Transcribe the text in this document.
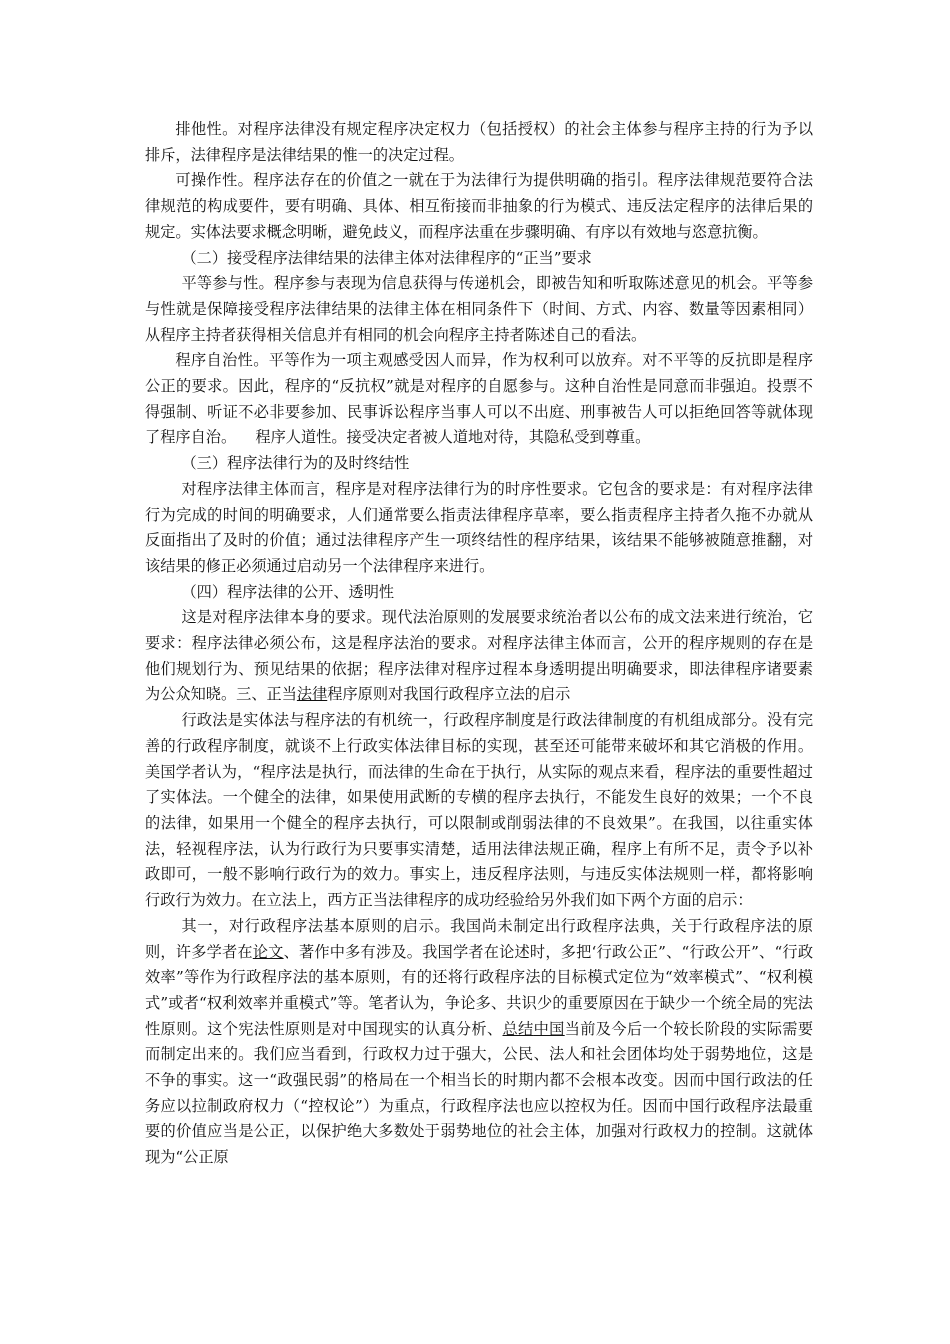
排他性。对程序法律没有规定程序决定权力（包括授权）的社会主体参与程序主持的行为予以排斥，法律程序是法律结果的惟一的决定过程。

可操作性。程序法存在的价值之一就在于为法律行为提供明确的指引。程序法律规范要符合法律规范的构成要件，要有明确、具体、相互衔接而非抽象的行为模式、违反法定程序的法律后果的规定。实体法要求概念明晰，避免歧义，而程序法重在步骤明确、有序以有效地与恣意抗衡。

（二）接受程序法律结果的法律主体对法律程序的“正当”要求

平等参与性。程序参与表现为信息获得与传递机会，即被告知和听取陈述意见的机会。平等参与性就是保障接受程序法律结果的法律主体在相同条件下（时间、方式、内容、数量等因素相同）从程序主持者获得相关信息并有相同的机会向程序主持者陈述自己的看法。

程序自治性。平等作为一项主观感受因人而异，作为权利可以放弃。对不平等的反抗即是程序公正的要求。因此，程序的“反抗权”就是对程序的自愿参与。这种自治性是同意而非强迫。投票不得强制、听证不必非要参加、民事诉讼程序当事人可以不出庭、刑事被告人可以拒绝回答等就体现了程序自治。    程序人道性。接受决定者被人道地对待，其隐私受到尊重。

（三）程序法律行为的及时终结性

对程序法律主体而言，程序是对程序法律行为的时序性要求。它包含的要求是：有对程序法律行为完成的时间的明确要求，人们通常要么指责法律程序草率，要么指责程序主持者久拖不办就从反面指出了及时的价值；通过法律程序产生一项终结性的程序结果，该结果不能够被随意推翻，对该结果的修正必须通过启动另一个法律程序来进行。

（四）程序法律的公开、透明性

这是对程序法律本身的要求。现代法治原则的发展要求统治者以公布的成文法来进行统治，它要求：程序法律必须公布，这是程序法治的要求。对程序法律主体而言，公开的程序规则的存在是他们规划行为、预见结果的依据；程序法律对程序过程本身透明提出明确要求，即法律程序诸要素为公众知晓。三、正当法律程序原则对我国行政程序立法的启示

行政法是实体法与程序法的有机统一，行政程序制度是行政法律制度的有机组成部分。没有完善的行政程序制度，就谈不上行政实体法律目标的实现，甚至还可能带来破坏和其它消极的作用。美国学者认为，“程序法是执行，而法律的生命在于执行，从实际的观点来看，程序法的重要性超过了实体法。一个健全的法律，如果使用武断的专横的程序去执行，不能发生良好的效果；一个不良的法律，如果用一个健全的程序去执行，可以限制或削弱法律的不良效果”。在我国，以往重实体法，轻视程序法，认为行政行为只要事实清楚，适用法律法规正确，程序上有所不足，责令予以补政即可，一般不影响行政行为的效力。事实上，违反程序法则，与违反实体法规则一样，都将影响行政行为效力。在立法上，西方正当法律程序的成功经验给另外我们如下两个方面的启示：

其一，对行政程序法基本原则的启示。我国尚未制定出行政程序法典，关于行政程序法的原则，许多学者在论文、著作中多有涉及。我国学者在论述时，多把‘行政公正”、“行政公开”、“行政效率”等作为行政程序法的基本原则，有的还将行政程序法的目标模式定位为“效率模式”、“权利模式”或者“权利效率并重模式”等。笔者认为，争论多、共识少的重要原因在于缺少一个统全局的宪法性原则。这个宪法性原则是对中国现实的认真分析、总结中国当前及今后一个较长阶段的实际需要而制定出来的。我们应当看到，行政权力过于强大，公民、法人和社会团体均处于弱势地位，这是不争的事实。这一“政强民弱”的格局在一个相当长的时期内都不会根本改变。因而中国行政法的任务应以拉制政府权力（“控权论”）为重点，行政程序法也应以控权为任。因而中国行政程序法最重要的价值应当是公正，以保护绝大多数处于弱势地位的社会主体，加强对行政权力的控制。这就体现为“公正原
